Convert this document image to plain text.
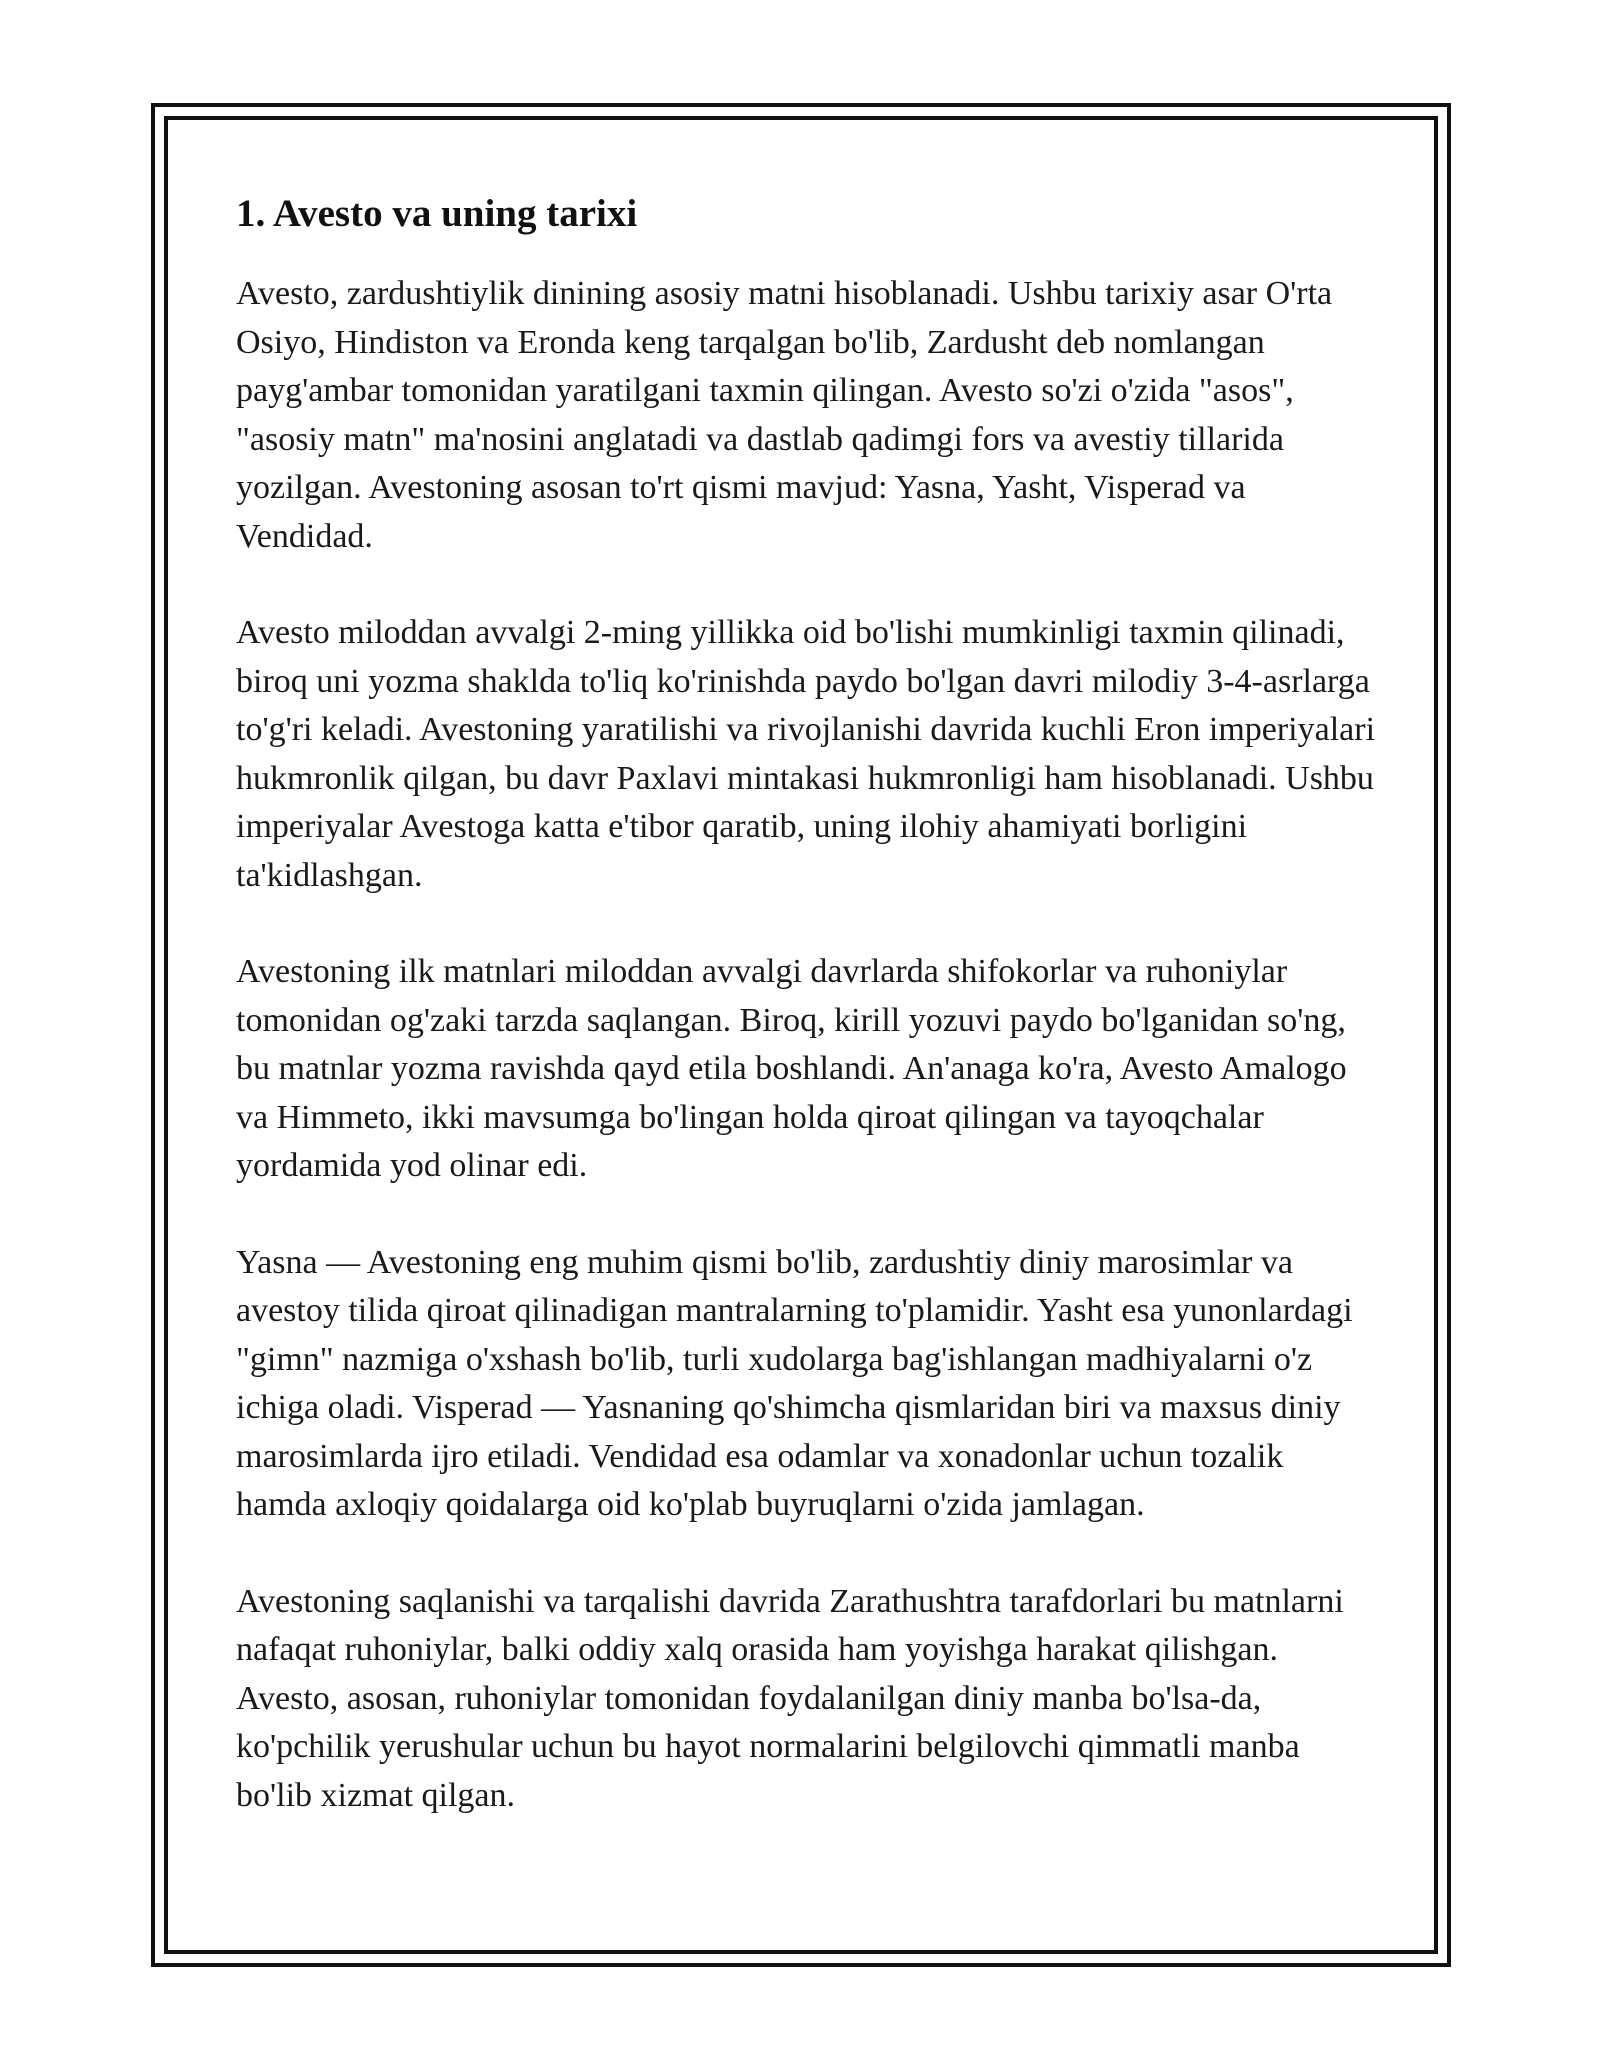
1. Avesto va uning tarixi

Avesto, zardushtiylik dinining asosiy matni hisoblanadi. Ushbu tarixiy asar O'rta Osiyo, Hindiston va Eronda keng tarqalgan bo'lib, Zardusht deb nomlangan payg'ambar tomonidan yaratilgani taxmin qilingan. Avesto so'zi o'zida "asos", "asosiy matn" ma'nosini anglatadi va dastlab qadimgi fors va avestiy tillarida yozilgan. Avestoning asosan to'rt qismi mavjud: Yasna, Yasht, Visperad va Vendidad.

Avesto miloddan avvalgi 2-ming yillikka oid bo'lishi mumkinligi taxmin qilinadi, biroq uni yozma shaklda to'liq ko'rinishda paydo bo'lgan davri milodiy 3-4-asrlarga to'g'ri keladi. Avestoning yaratilishi va rivojlanishi davrida kuchli Eron imperiyalari hukmronlik qilgan, bu davr Paxlavi mintakasi hukmronligi ham hisoblanadi. Ushbu imperiyalar Avestoga katta e'tibor qaratib, uning ilohiy ahamiyati borligini ta'kidlashgan.

Avestoning ilk matnlari miloddan avvalgi davrlarda shifokorlar va ruhoniylar tomonidan og'zaki tarzda saqlangan. Biroq, kirill yozuvi paydo bo'lganidan so'ng, bu matnlar yozma ravishda qayd etila boshlandi. An'anaga ko'ra, Avesto Amalogo va Himmeto, ikki mavsumga bo'lingan holda qiroat qilingan va tayoqchalar yordamida yod olinar edi.

Yasna — Avestoning eng muhim qismi bo'lib, zardushtiy diniy marosimlar va avestoy tilida qiroat qilinadigan mantralarning to'plamidir. Yasht esa yunonlardagi "gimn" nazmiga o'xshash bo'lib, turli xudolarga bag'ishlangan madhiyalarni o'z ichiga oladi. Visperad — Yasnaning qo'shimcha qismlaridan biri va maxsus diniy marosimlarda ijro etiladi. Vendidad esa odamlar va xonadonlar uchun tozalik hamda axloqiy qoidalarga oid ko'plab buyruqlarni o'zida jamlagan.

Avestoning saqlanishi va tarqalishi davrida Zarathushtra tarafdorlari bu matnlarni nafaqat ruhoniylar, balki oddiy xalq orasida ham yoyishga harakat qilishgan. Avesto, asosan, ruhoniylar tomonidan foydalanilgan diniy manba bo'lsa-da, ko'pchilik yerushular uchun bu hayot normalarini belgilovchi qimmatli manba bo'lib xizmat qilgan.
